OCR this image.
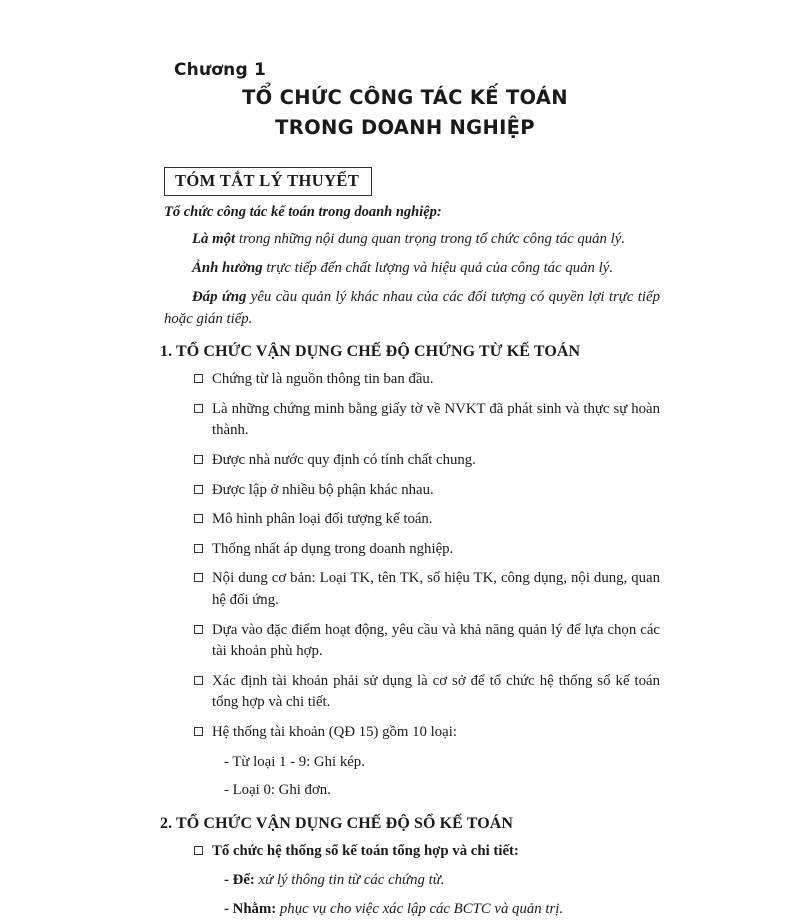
Chương 1
TỔ CHỨC CÔNG TÁC KẾ TOÁN
TRONG DOANH NGHIỆP
TÓM TẮT LÝ THUYẾT
Tổ chức công tác kế toán trong doanh nghiệp:
Là một trong những nội dung quan trọng trong tổ chức công tác quản lý.
Ảnh hưởng trực tiếp đến chất lượng và hiệu quả của công tác quản lý.
Đáp ứng yêu cầu quản lý khác nhau của các đối tượng có quyền lợi trực tiếp hoặc gián tiếp.
1. TỔ CHỨC VẬN DỤNG CHẾ ĐỘ CHỨNG TỪ KẾ TOÁN
Chứng từ là nguồn thông tin ban đầu.
Là những chứng minh bằng giấy tờ về NVKT đã phát sinh và thực sự hoàn thành.
Được nhà nước quy định có tính chất chung.
Được lập ở nhiều bộ phận khác nhau.
Mô hình phân loại đối tượng kế toán.
Thống nhất áp dụng trong doanh nghiệp.
Nội dung cơ bản: Loại TK, tên TK, số hiệu TK, công dụng, nội dung, quan hệ đối ứng.
Dựa vào đặc điểm hoạt động, yêu cầu và khả năng quản lý để lựa chọn các tài khoản phù hợp.
Xác định tài khoản phải sử dụng là cơ sở để tổ chức hệ thống sổ kế toán tổng hợp và chi tiết.
Hệ thống tài khoản (QĐ 15) gồm 10 loại:
- Từ loại 1 - 9: Ghi kép.
- Loại 0: Ghi đơn.
2. TỔ CHỨC VẬN DỤNG CHẾ ĐỘ SỔ KẾ TOÁN
Tổ chức hệ thống sổ kế toán tổng hợp và chi tiết:
- Để: xử lý thông tin từ các chứng từ.
- Nhằm: phục vụ cho việc xác lập các BCTC và quản trị.
